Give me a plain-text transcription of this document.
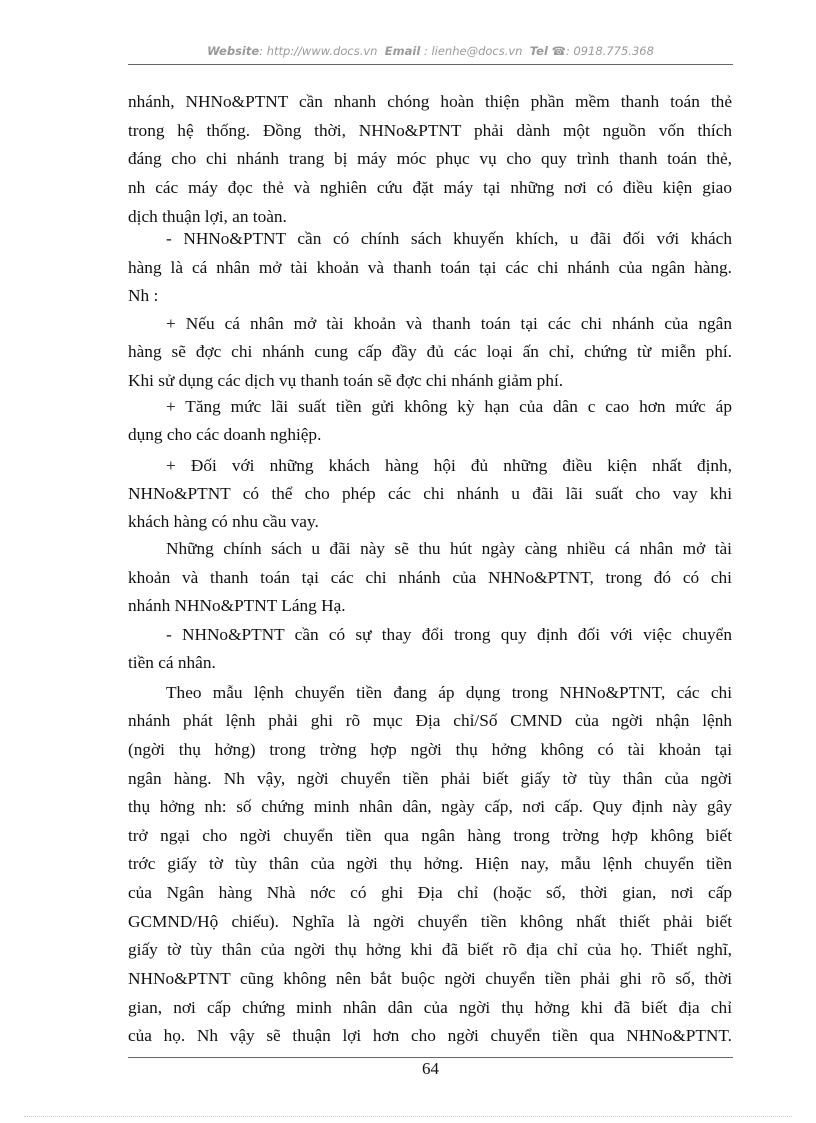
Website: http://www.docs.vn Email : lienhe@docs.vn Tel ☎: 0918.775.368
nhánh, NHNo&PTNT cần nhanh chóng hoàn thiện phần mềm thanh toán thẻ
trong hệ thống. Đồng thời, NHNo&PTNT phải dành một nguồn vốn thích
đáng cho chi nhánh trang bị máy móc phục vụ cho quy trình thanh toán thẻ,
nh các máy đọc thẻ và nghiên cứu đặt máy tại những nơi có điều kiện giao
dịch thuận lợi, an toàn.
- NHNo&PTNT cần có chính sách khuyến khích, u đãi đối với khách
hàng là cá nhân mở tài khoản và thanh toán tại các chi nhánh của ngân hàng.
Nh :
+ Nếu cá nhân mở tài khoản và thanh toán tại các chi nhánh của ngân
hàng sẽ đợc chi nhánh cung cấp đầy đủ các loại ấn chỉ, chứng từ miễn phí.
Khi sử dụng các dịch vụ thanh toán sẽ đợc chi nhánh giảm phí.
+ Tăng mức lãi suất tiền gửi không kỳ hạn của dân c cao hơn mức áp
dụng cho các doanh nghiệp.
+ Đối với những khách hàng hội đủ những điều kiện nhất định,
NHNo&PTNT có thể cho phép các chi nhánh u đãi lãi suất cho vay khi
khách hàng có nhu cầu vay.
Những chính sách u đãi này sẽ thu hút ngày càng nhiều cá nhân mở tài
khoản và thanh toán tại các chi nhánh của NHNo&PTNT, trong đó có chi
nhánh NHNo&PTNT Láng Hạ.
- NHNo&PTNT cần có sự thay đổi trong quy định đối với việc chuyển
tiền cá nhân.
Theo mẫu lệnh chuyển tiền đang áp dụng trong NHNo&PTNT, các chi
nhánh phát lệnh phải ghi rõ mục Địa chỉ/Số CMND của ngời nhận lệnh
(ngời thụ hởng) trong trờng hợp ngời thụ hởng không có tài khoản tại
ngân hàng. Nh vậy, ngời chuyển tiền phải biết giấy tờ tùy thân của ngời
thụ hởng nh: số chứng minh nhân dân, ngày cấp, nơi cấp. Quy định này gây
trở ngại cho ngời chuyển tiền qua ngân hàng trong trờng hợp không biết
trớc giấy tờ tùy thân của ngời thụ hởng. Hiện nay, mẫu lệnh chuyển tiền
của Ngân hàng Nhà nớc có ghi Địa chỉ (hoặc số, thời gian, nơi cấp
GCMND/Hộ chiếu). Nghĩa là ngời chuyển tiền không nhất thiết phải biết
giấy tờ tùy thân của ngời thụ hởng khi đã biết rõ địa chỉ của họ. Thiết nghĩ,
NHNo&PTNT cũng không nên bắt buộc ngời chuyển tiền phải ghi rõ số, thời
gian, nơi cấp chứng minh nhân dân của ngời thụ hởng khi đã biết địa chỉ
của họ. Nh vậy sẽ thuận lợi hơn cho ngời chuyển tiền qua NHNo&PTNT.
64
